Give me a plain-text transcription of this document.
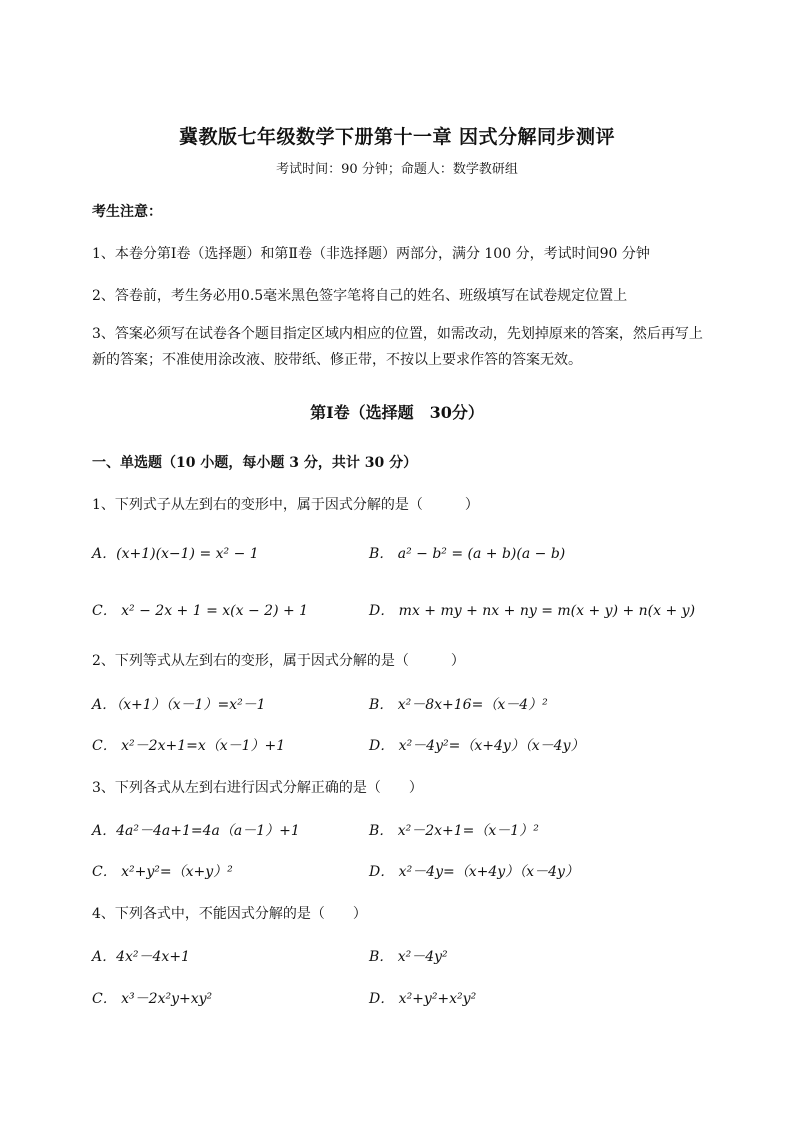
冀教版七年级数学下册第十一章 因式分解同步测评
考试时间：90 分钟；命题人：数学教研组
考生注意：
1、本卷分第Ⅰ卷（选择题）和第Ⅱ卷（非选择题）两部分，满分 100 分，考试时间90 分钟
2、答卷前，考生务必用0.5毫米黑色签字笔将自己的姓名、班级填写在试卷规定位置上
3、答案必须写在试卷各个题目指定区域内相应的位置，如需改动，先划掉原来的答案，然后再写上新的答案；不准使用涂改液、胶带纸、修正带，不按以上要求作答的答案无效。
第Ⅰ卷（选择题　30分）
一、单选题（10 小题，每小题 3 分，共计 30 分）
1、下列式子从左到右的变形中，属于因式分解的是（　　　）
A．(x+1)(x−1) = x² − 1	B． a² − b² = (a + b)(a − b)
C． x² − 2x + 1 = x(x − 2) + 1	D． mx + my + nx + ny = m(x + y) + n(x + y)
2、下列等式从左到右的变形，属于因式分解的是（　　　）
A．（x+1）（x－1）=x²－1	B． x²－8x+16=（x－4）²
C． x²－2x+1=x（x－1）+1	D． x²－4y²=（x+4y）（x－4y）
3、下列各式从左到右进行因式分解正确的是（　　）
A．4a²－4a+1=4a（a－1）+1	B． x²－2x+1=（x－1）²
C． x²+y²=（x+y）²	D． x²－4y=（x+4y）（x－4y）
4、下列各式中，不能因式分解的是（　　）
A．4x²－4x+1	B． x²－4y²
C． x³－2x²y+xy²	D． x²+y²+x²y²
